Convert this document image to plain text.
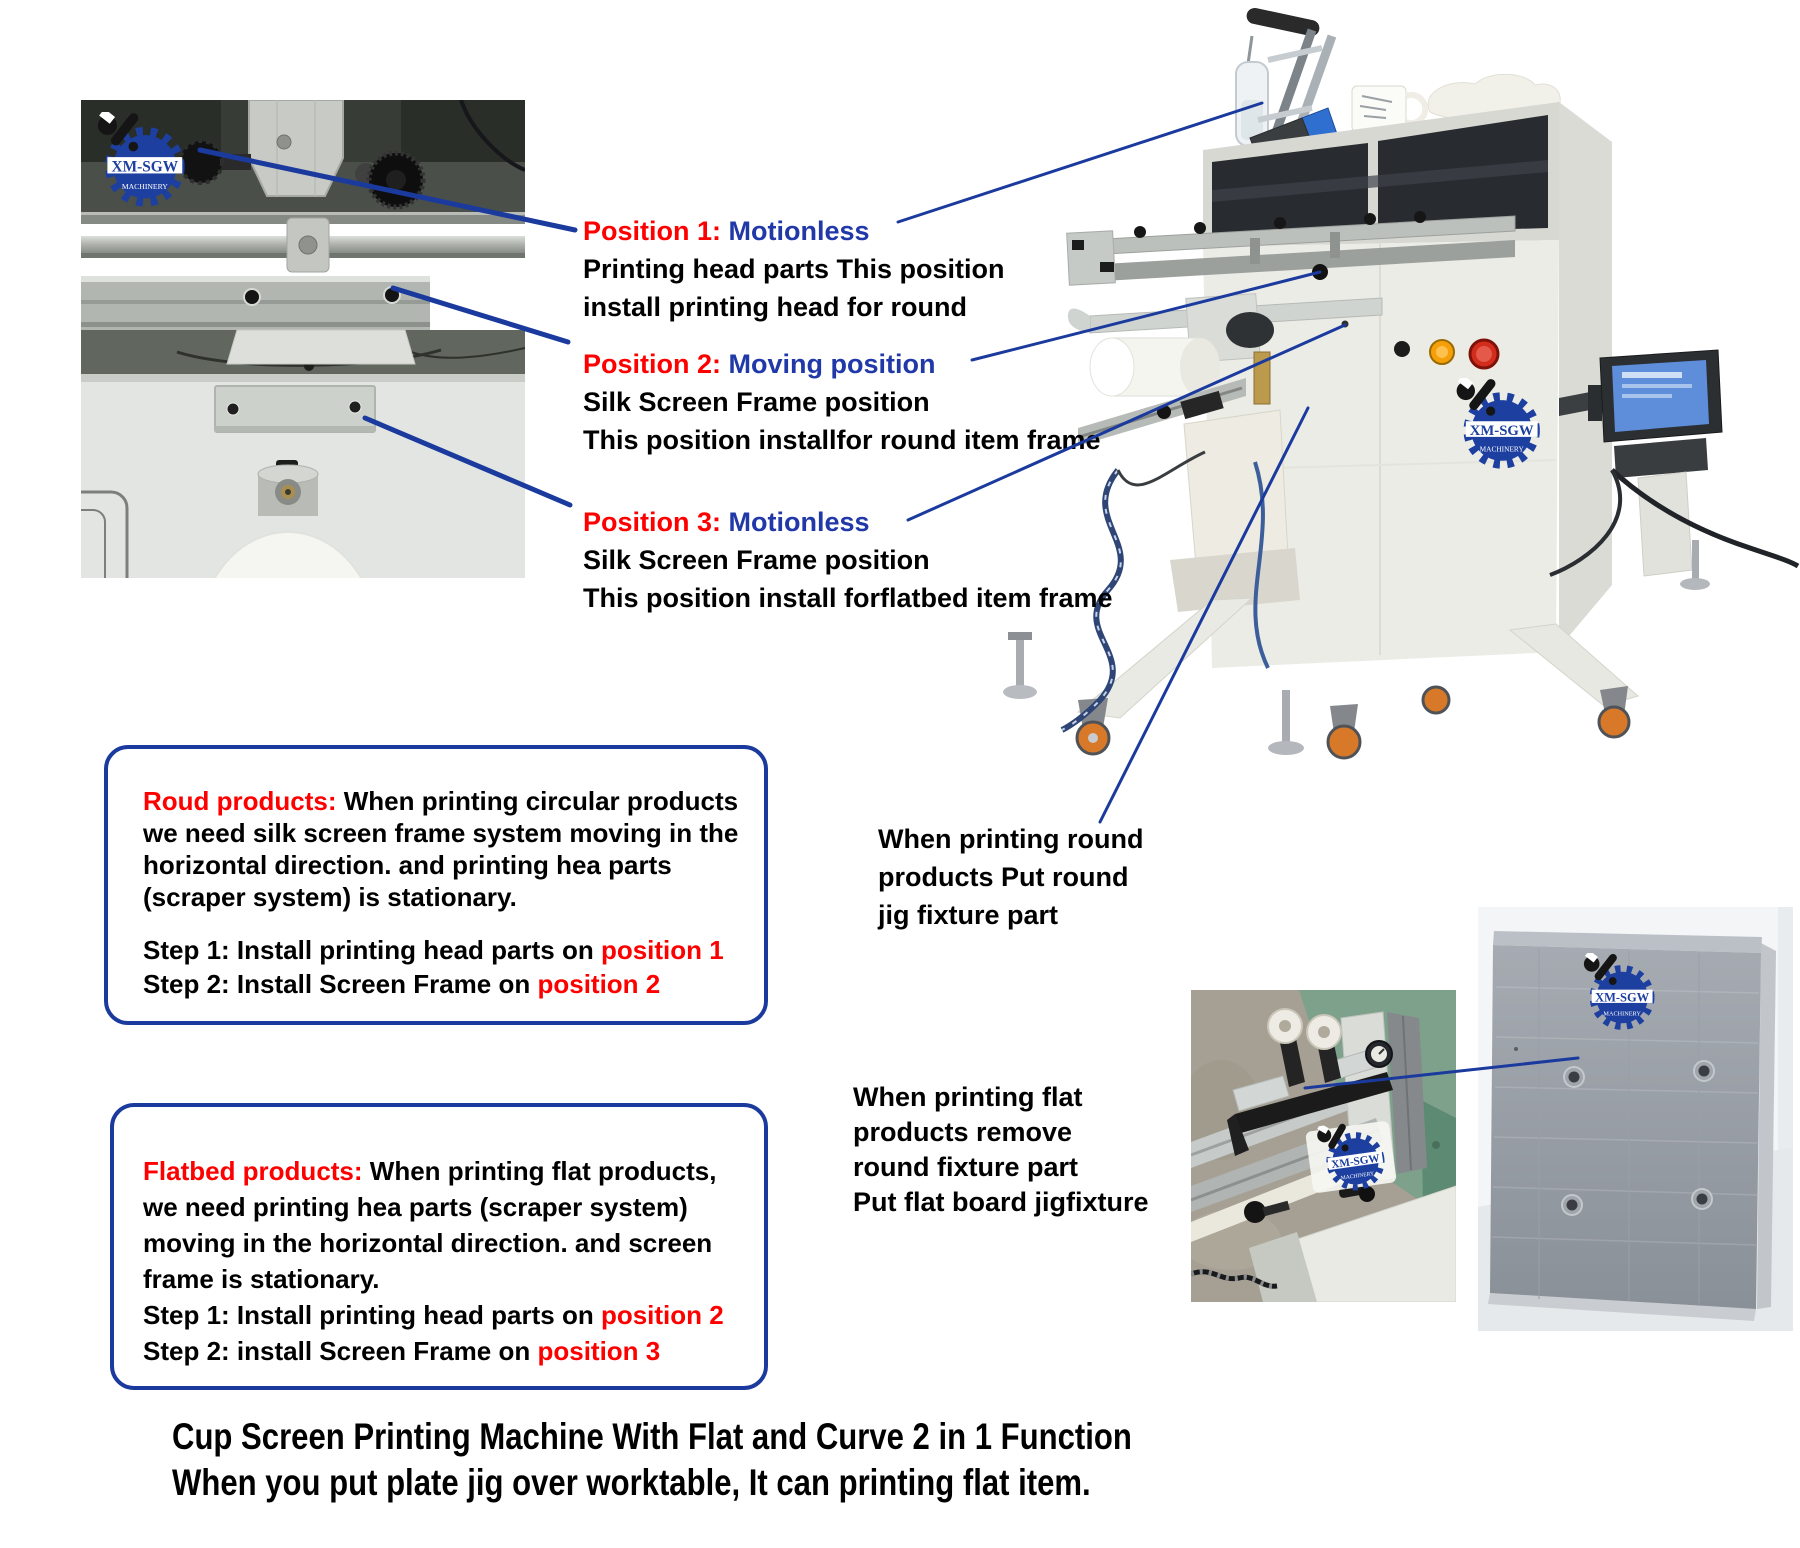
Position 1: Motionless
Printing head parts This position
install printing head for round
Position 2: Moving position
Silk Screen Frame position
This position installfor round item frame
Position 3: Motionless
Silk Screen Frame position
This position install forflatbed item frame
Roud products: When printing circular products
we need silk screen frame system moving in the
horizontal direction. and printing hea parts
(scraper system) is stationary.
Step 1: Install printing head parts on position 1
Step 2: Install Screen Frame on position 2
Flatbed products: When printing flat products,
we need printing hea parts (scraper system)
moving in the horizontal direction. and screen
frame is stationary.
Step 1: Install printing head parts on position 2
Step 2: install Screen Frame on position 3
When printing round
products Put round
jig fixture part
When printing flat
products remove
round fixture part
Put flat board jigfixture
Cup Screen Printing Machine With Flat and Curve 2 in 1 Function
When you put plate jig over worktable, It can printing flat item.
